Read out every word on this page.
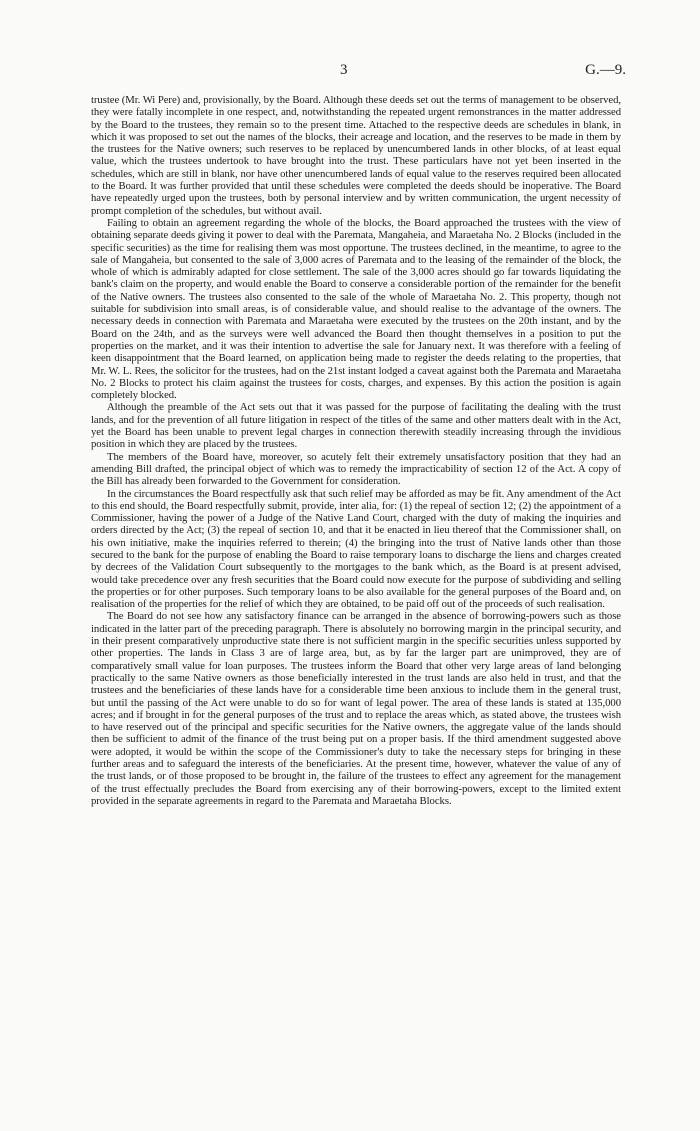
3	G.—9.

trustee (Mr. Wi Pere) and, provisionally, by the Board. Although these deeds set out the terms of management to be observed, they were fatally incomplete in one respect, and, notwithstanding the repeated urgent remonstrances in the matter addressed by the Board to the trustees, they remain so to the present time. Attached to the respective deeds are schedules in blank, in which it was proposed to set out the names of the blocks, their acreage and location, and the reserves to be made in them by the trustees for the Native owners; such reserves to be replaced by unencumbered lands in other blocks, of at least equal value, which the trustees undertook to have brought into the trust. These particulars have not yet been inserted in the schedules, which are still in blank, nor have other unencumbered lands of equal value to the reserves required been allocated to the Board. It was further provided that until these schedules were completed the deeds should be inoperative. The Board have repeatedly urged upon the trustees, both by personal interview and by written communication, the urgent necessity of prompt completion of the schedules, but without avail.

Failing to obtain an agreement regarding the whole of the blocks, the Board approached the trustees with the view of obtaining separate deeds giving it power to deal with the Paremata, Mangaheia, and Maraetaha No. 2 Blocks (included in the specific securities) as the time for realising them was most opportune. The trustees declined, in the meantime, to agree to the sale of Mangaheia, but consented to the sale of 3,000 acres of Paremata and to the leasing of the remainder of the block, the whole of which is admirably adapted for close settlement. The sale of the 3,000 acres should go far towards liquidating the bank's claim on the property, and would enable the Board to conserve a considerable portion of the remainder for the benefit of the Native owners. The trustees also consented to the sale of the whole of Maraetaha No. 2. This property, though not suitable for subdivision into small areas, is of considerable value, and should realise to the advantage of the owners. The necessary deeds in connection with Paremata and Maraetaha were executed by the trustees on the 20th instant, and by the Board on the 24th, and as the surveys were well advanced the Board then thought themselves in a position to put the properties on the market, and it was their intention to advertise the sale for January next. It was therefore with a feeling of keen disappointment that the Board learned, on application being made to register the deeds relating to the properties, that Mr. W. L. Rees, the solicitor for the trustees, had on the 21st instant lodged a caveat against both the Paremata and Maraetaha No. 2 Blocks to protect his claim against the trustees for costs, charges, and expenses. By this action the position is again completely blocked.

Although the preamble of the Act sets out that it was passed for the purpose of facilitating the dealing with the trust lands, and for the prevention of all future litigation in respect of the titles of the same and other matters dealt with in the Act, yet the Board has been unable to prevent legal charges in connection therewith steadily increasing through the invidious position in which they are placed by the trustees.

The members of the Board have, moreover, so acutely felt their extremely unsatisfactory position that they had an amending Bill drafted, the principal object of which was to remedy the impracticability of section 12 of the Act. A copy of the Bill has already been forwarded to the Government for consideration.

In the circumstances the Board respectfully ask that such relief may be afforded as may be fit. Any amendment of the Act to this end should, the Board respectfully submit, provide, inter alia, for: (1) the repeal of section 12; (2) the appointment of a Commissioner, having the power of a Judge of the Native Land Court, charged with the duty of making the inquiries and orders directed by the Act; (3) the repeal of section 10, and that it be enacted in lieu thereof that the Commissioner shall, on his own initiative, make the inquiries referred to therein; (4) the bringing into the trust of Native lands other than those secured to the bank for the purpose of enabling the Board to raise temporary loans to discharge the liens and charges created by decrees of the Validation Court subsequently to the mortgages to the bank which, as the Board is at present advised, would take precedence over any fresh securities that the Board could now execute for the purpose of subdividing and selling the properties or for other purposes. Such temporary loans to be also available for the general purposes of the Board and, on realisation of the properties for the relief of which they are obtained, to be paid off out of the proceeds of such realisation.

The Board do not see how any satisfactory finance can be arranged in the absence of borrowing-powers such as those indicated in the latter part of the preceding paragraph. There is absolutely no borrowing margin in the principal security, and in their present comparatively unproductive state there is not sufficient margin in the specific securities unless supported by other properties. The lands in Class 3 are of large area, but, as by far the larger part are unimproved, they are of comparatively small value for loan purposes. The trustees inform the Board that other very large areas of land belonging practically to the same Native owners as those beneficially interested in the trust lands are also held in trust, and that the trustees and the beneficiaries of these lands have for a considerable time been anxious to include them in the general trust, but until the passing of the Act were unable to do so for want of legal power. The area of these lands is stated at 135,000 acres; and if brought in for the general purposes of the trust and to replace the areas which, as stated above, the trustees wish to have reserved out of the principal and specific securities for the Native owners, the aggregate value of the lands should then be sufficient to admit of the finance of the trust being put on a proper basis. If the third amendment suggested above were adopted, it would be within the scope of the Commissioner's duty to take the necessary steps for bringing in these further areas and to safeguard the interests of the beneficiaries. At the present time, however, whatever the value of any of the trust lands, or of those proposed to be brought in, the failure of the trustees to effect any agreement for the management of the trust effectually precludes the Board from exercising any of their borrowing-powers, except to the limited extent provided in the separate agreements in regard to the Paremata and Maraetaha Blocks.
